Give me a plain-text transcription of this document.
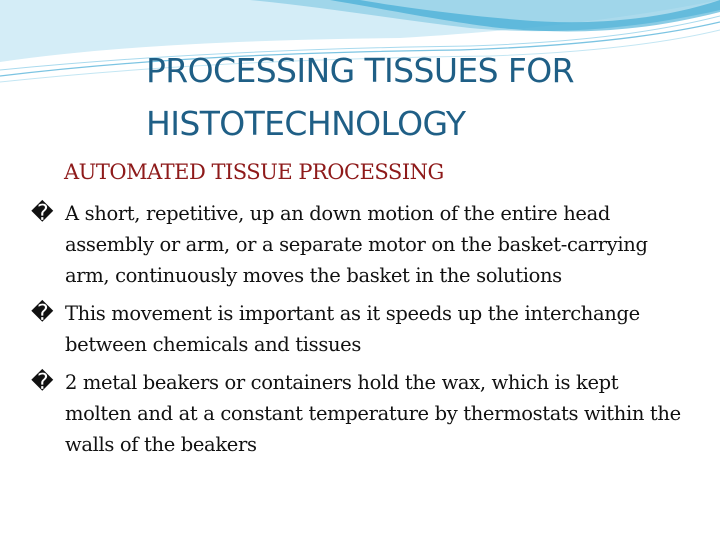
PROCESSING TISSUES FOR HISTOTECHNOLOGY
AUTOMATED TISSUE PROCESSING
� A short, repetitive, up an down motion of the entire head assembly or arm, or a separate motor on the basket-carrying arm, continuously moves the basket in the solutions
� This movement is important as it speeds up the interchange between chemicals and tissues
� 2 metal beakers or containers hold the wax, which is kept molten and at a constant temperature by thermostats within the walls of the beakers
